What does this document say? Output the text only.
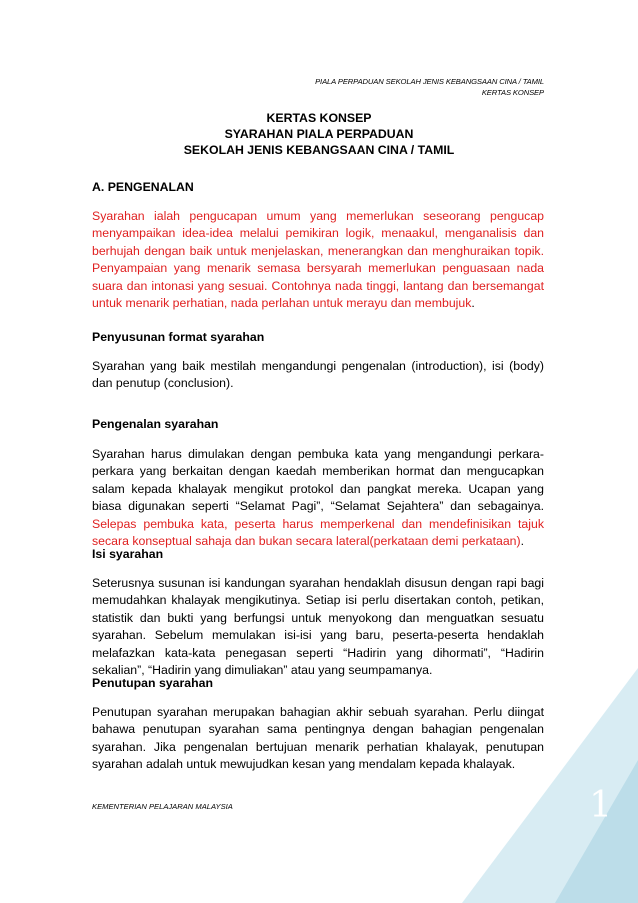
PIALA PERPADUAN SEKOLAH JENIS KEBANGSAAN CINA / TAMIL
KERTAS KONSEP
KERTAS KONSEP
SYARAHAN PIALA PERPADUAN
SEKOLAH JENIS KEBANGSAAN CINA / TAMIL
A. PENGENALAN
Syarahan ialah pengucapan umum yang memerlukan seseorang pengucap menyampaikan idea-idea melalui pemikiran logik, menaakul, menganalisis dan berhujah dengan baik untuk menjelaskan, menerangkan dan menghuraikan topik. Penyampaian yang menarik semasa bersyarah memerlukan penguasaan nada suara dan intonasi yang sesuai. Contohnya nada tinggi, lantang dan bersemangat untuk menarik perhatian, nada perlahan untuk merayu dan membujuk.
Penyusunan format syarahan
Syarahan yang baik mestilah mengandungi pengenalan (introduction), isi (body) dan penutup (conclusion).
Pengenalan syarahan
Syarahan harus dimulakan dengan pembuka kata yang mengandungi perkara-perkara yang berkaitan dengan kaedah memberikan hormat dan mengucapkan salam kepada khalayak mengikut protokol dan pangkat mereka. Ucapan yang biasa digunakan seperti “Selamat Pagi”, “Selamat Sejahtera” dan sebagainya. Selepas pembuka kata, peserta harus memperkenal dan mendefinisikan tajuk secara konseptual sahaja dan bukan secara lateral(perkataan demi perkataan).
Isi syarahan
Seterusnya susunan isi kandungan syarahan hendaklah disusun dengan rapi bagi memudahkan khalayak mengikutinya. Setiap isi perlu disertakan contoh, petikan, statistik dan bukti yang berfungsi untuk menyokong dan menguatkan sesuatu syarahan. Sebelum memulakan isi-isi yang baru, peserta-peserta hendaklah melafazkan kata-kata penegasan seperti “Hadirin yang dihormati”, “Hadirin sekalian”, “Hadirin yang dimuliakan” atau yang seumpamanya.
Penutupan syarahan
Penutupan syarahan merupakan bahagian akhir sebuah syarahan. Perlu diingat bahawa penutupan syarahan sama pentingnya dengan bahagian pengenalan syarahan. Jika pengenalan bertujuan menarik perhatian khalayak, penutupan syarahan adalah untuk mewujudkan kesan yang mendalam kepada khalayak.
KEMENTERIAN PELAJARAN MALAYSIA	1
